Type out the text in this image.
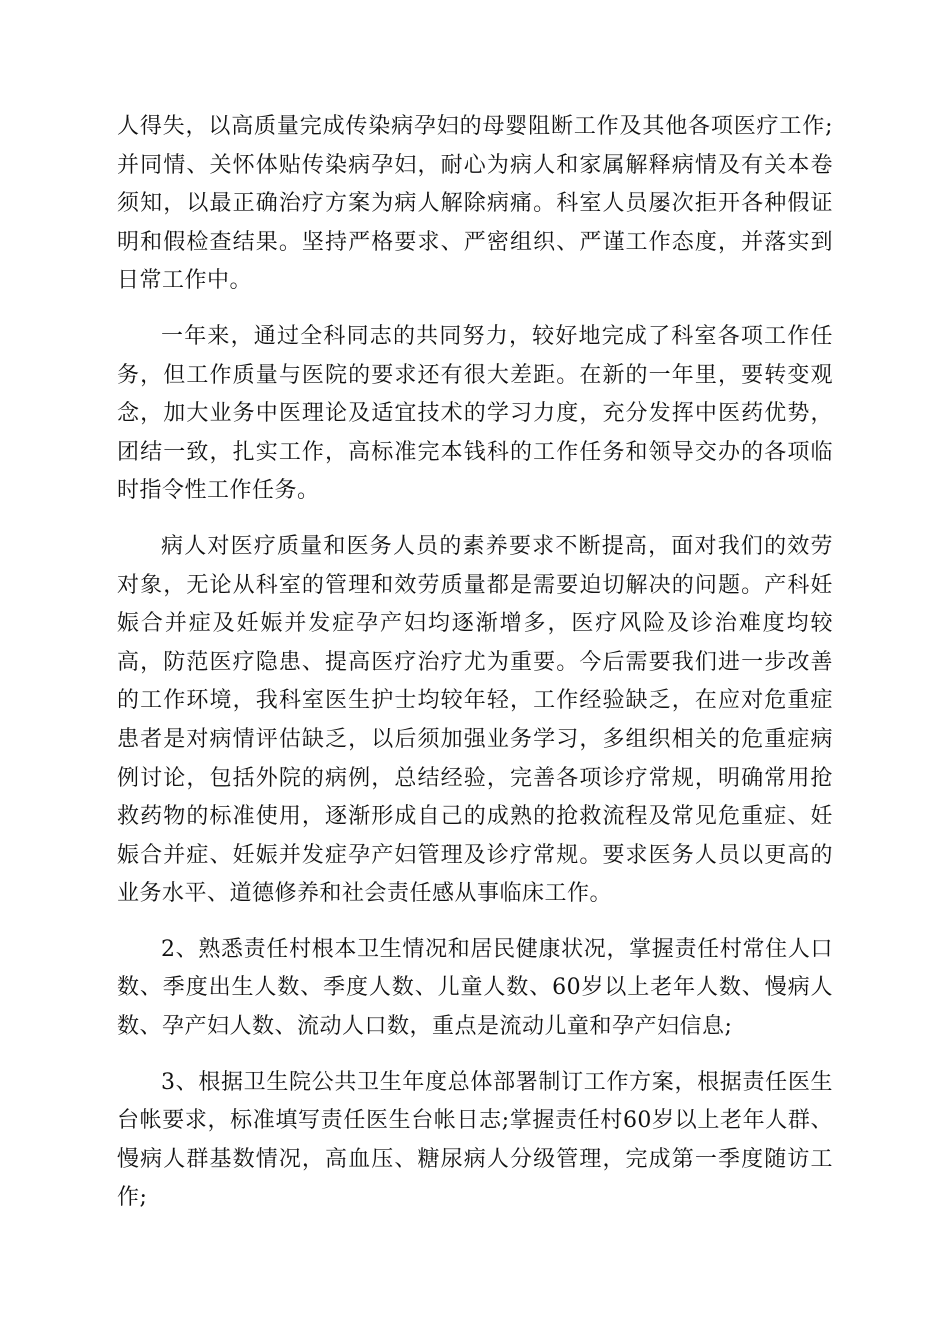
人得失，以高质量完成传染病孕妇的母婴阻断工作及其他各项医疗工作;并同情、关怀体贴传染病孕妇，耐心为病人和家属解释病情及有关本卷须知，以最正确治疗方案为病人解除病痛。科室人员屡次拒开各种假证明和假检查结果。坚持严格要求、严密组织、严谨工作态度，并落实到日常工作中。

一年来，通过全科同志的共同努力，较好地完成了科室各项工作任务，但工作质量与医院的要求还有很大差距。在新的一年里，要转变观念，加大业务中医理论及适宜技术的学习力度，充分发挥中医药优势，团结一致，扎实工作，高标准完本钱科的工作任务和领导交办的各项临时指令性工作任务。

病人对医疗质量和医务人员的素养要求不断提高，面对我们的效劳对象，无论从科室的管理和效劳质量都是需要迫切解决的问题。产科妊娠合并症及妊娠并发症孕产妇均逐渐增多，医疗风险及诊治难度均较高，防范医疗隐患、提高医疗治疗尤为重要。今后需要我们进一步改善的工作环境，我科室医生护士均较年轻，工作经验缺乏，在应对危重症患者是对病情评估缺乏，以后须加强业务学习，多组织相关的危重症病例讨论，包括外院的病例，总结经验，完善各项诊疗常规，明确常用抢救药物的标准使用，逐渐形成自己的成熟的抢救流程及常见危重症、妊娠合并症、妊娠并发症孕产妇管理及诊疗常规。要求医务人员以更高的业务水平、道德修养和社会责任感从事临床工作。

2、熟悉责任村根本卫生情况和居民健康状况，掌握责任村常住人口数、季度出生人数、季度人数、儿童人数、60岁以上老年人数、慢病人数、孕产妇人数、流动人口数，重点是流动儿童和孕产妇信息;

3、根据卫生院公共卫生年度总体部署制订工作方案，根据责任医生台帐要求，标准填写责任医生台帐日志;掌握责任村60岁以上老年人群、慢病人群基数情况，高血压、糖尿病人分级管理，完成第一季度随访工作;
